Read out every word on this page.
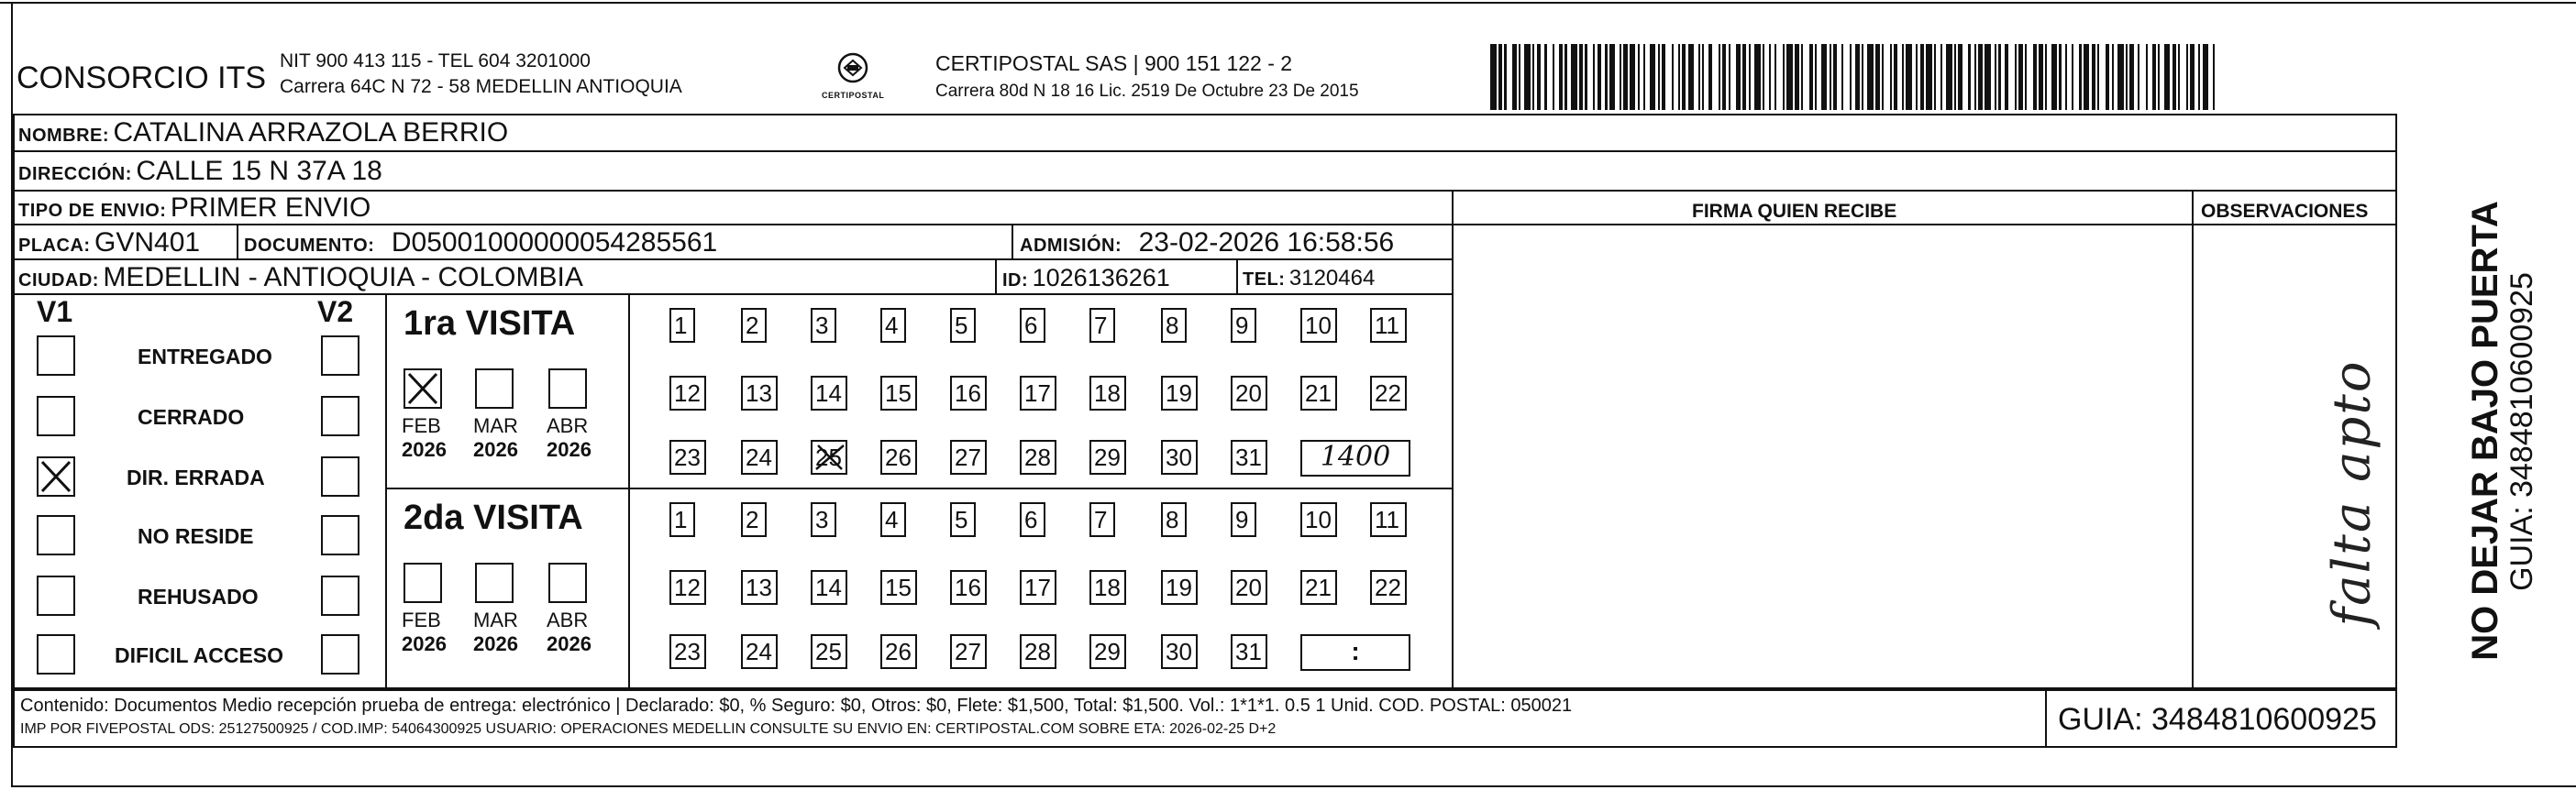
CONSORCIO ITS NIT 900 413 115 - TEL 604 3201000
Carrera 64C N 72 - 58 MEDELLIN ANTIOQUIA	CERTIPOSTAL
CERTIPOSTAL SAS | 900 151 122 - 2
Carrera 80d N 18 16 Lic. 2519 De Octubre 23 De 2015
NOMBRE: CATALINA ARRAZOLA BERRIO
DIRECCIÓN: CALLE 15 N 37A 18
TIPO DE ENVIO: PRIMER ENVIO	FIRMA QUIEN RECIBE	OBSERVACIONES
PLACA: GVN401 DOCUMENTO: D05001000000054285561	ADMISIÓN: 23-02-2026 16:58:56
CIUDAD: MEDELLIN - ANTIOQUIA - COLOMBIA	ID: 1026136261	TEL: 3120464
V1	V2
ENTREGADO
CERRADO
DIR. ERRADA
NO RESIDE
REHUSADO
DIFICIL ACCESO
1ra VISITA
FEB
2026
MAR
2026
ABR
2026
1	2	3	4	5	6	7	8	9	10 11
12 13 14 15 16 17 18 19 20 21 22
23 24 25 26 27 28 29 30 31	1400
2da VISITA
FEB
2026
MAR
2026
ABR
2026
1	2	3	4	5	6	7	8	9	10 11
12 13 14 15 16 17 18 19 20 21 22
23 24 25 26 27 28 29 30 31	:
falta apto NO DEJAR BAJO PUERTA GUIA: 3484810600925
Contenido: Documentos Medio recepción prueba de entrega: electrónico | Declarado: $0, % Seguro: $0, Otros: $0, Flete: $1,500, Total: $1,500. Vol.: 1*1*1. 0.5 1 Unid. COD. POSTAL: 050021
IMP POR FIVEPOSTAL ODS: 25127500925 / COD.IMP: 54064300925 USUARIO: OPERACIONES MEDELLIN CONSULTE SU ENVIO EN: CERTIPOSTAL.COM SOBRE ETA: 2026-02-25 D+2	GUIA: 3484810600925
